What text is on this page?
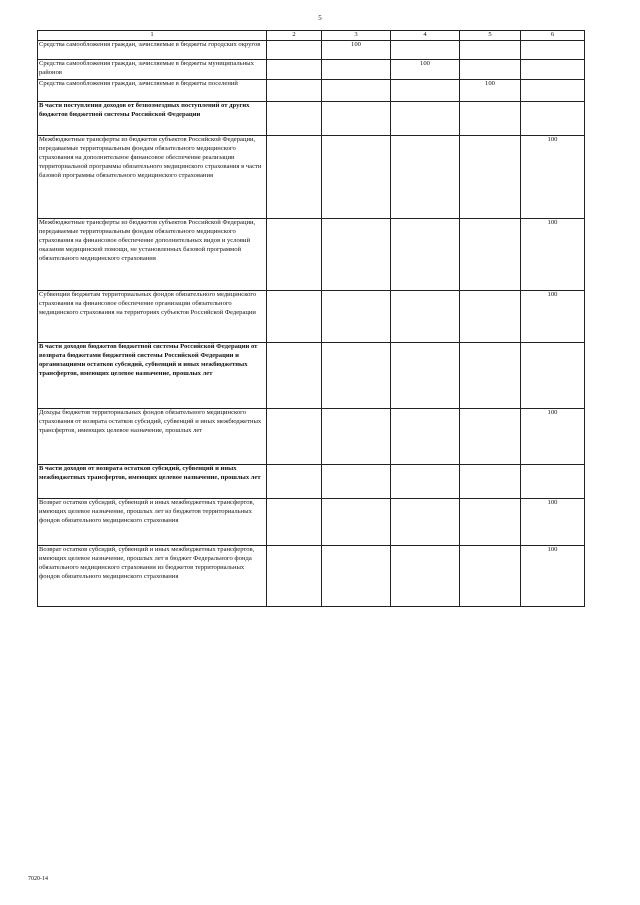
5
1	2	3	4	5	6
Средства самообложения граждан, зачисляемые в бюджеты городских округов		100			
Средства самообложения граждан, зачисляемые в бюджеты муниципальных районов			100		
Средства самообложения граждан, зачисляемые в бюджеты поселений				100	
В части поступления доходов от безвозмездных поступлений от других бюджетов бюджетной системы Российской Федерации					
Межбюджетные трансферты из бюджетов субъектов Российской Федерации, передаваемые территориальным фондам обязательного медицинского страхования на дополнительное финансовое обеспечение реализации территориальной программы обязательного медицинского страхования в части базовой программы обязательного медицинского страхования					100
Межбюджетные трансферты из бюджетов субъектов Российской Федерации, передаваемые территориальным фондам обязательного медицинского страхования на финансовое обеспечение дополнительных видов и условий оказания медицинской помощи, не установленных базовой программой обязательного медицинского страхования					100
Субвенции бюджетам территориальных фондов обязательного медицинского страхования на финансовое обеспечение организации обязательного медицинского страхования на территориях субъектов Российской Федерации					100
В части доходов бюджетов бюджетной системы Российской Федерации от возврата бюджетами бюджетной системы Российской Федерации и организациями остатков субсидий, субвенций и иных межбюджетных трансфертов, имеющих целевое назначение, прошлых лет					
Доходы бюджетов территориальных фондов обязательного медицинского страхования от возврата остатков субсидий, субвенций и иных межбюджетных трансфертов, имеющих целевое назначение, прошлых лет					100
В части доходов от возврата остатков субсидий, субвенций и иных межбюджетных трансфертов, имеющих целевое назначение, прошлых лет					
Возврат остатков субсидий, субвенций и иных межбюджетных трансфертов, имеющих целевое назначение, прошлых лет из бюджетов территориальных фондов обязательного медицинского страхования					100
Возврат остатков субсидий, субвенций и иных межбюджетных трансфертов, имеющих целевое назначение, прошлых лет в бюджет Федерального фонда обязательного медицинского страхования из бюджетов территориальных фондов обязательного медицинского страхования					100
7020-14
